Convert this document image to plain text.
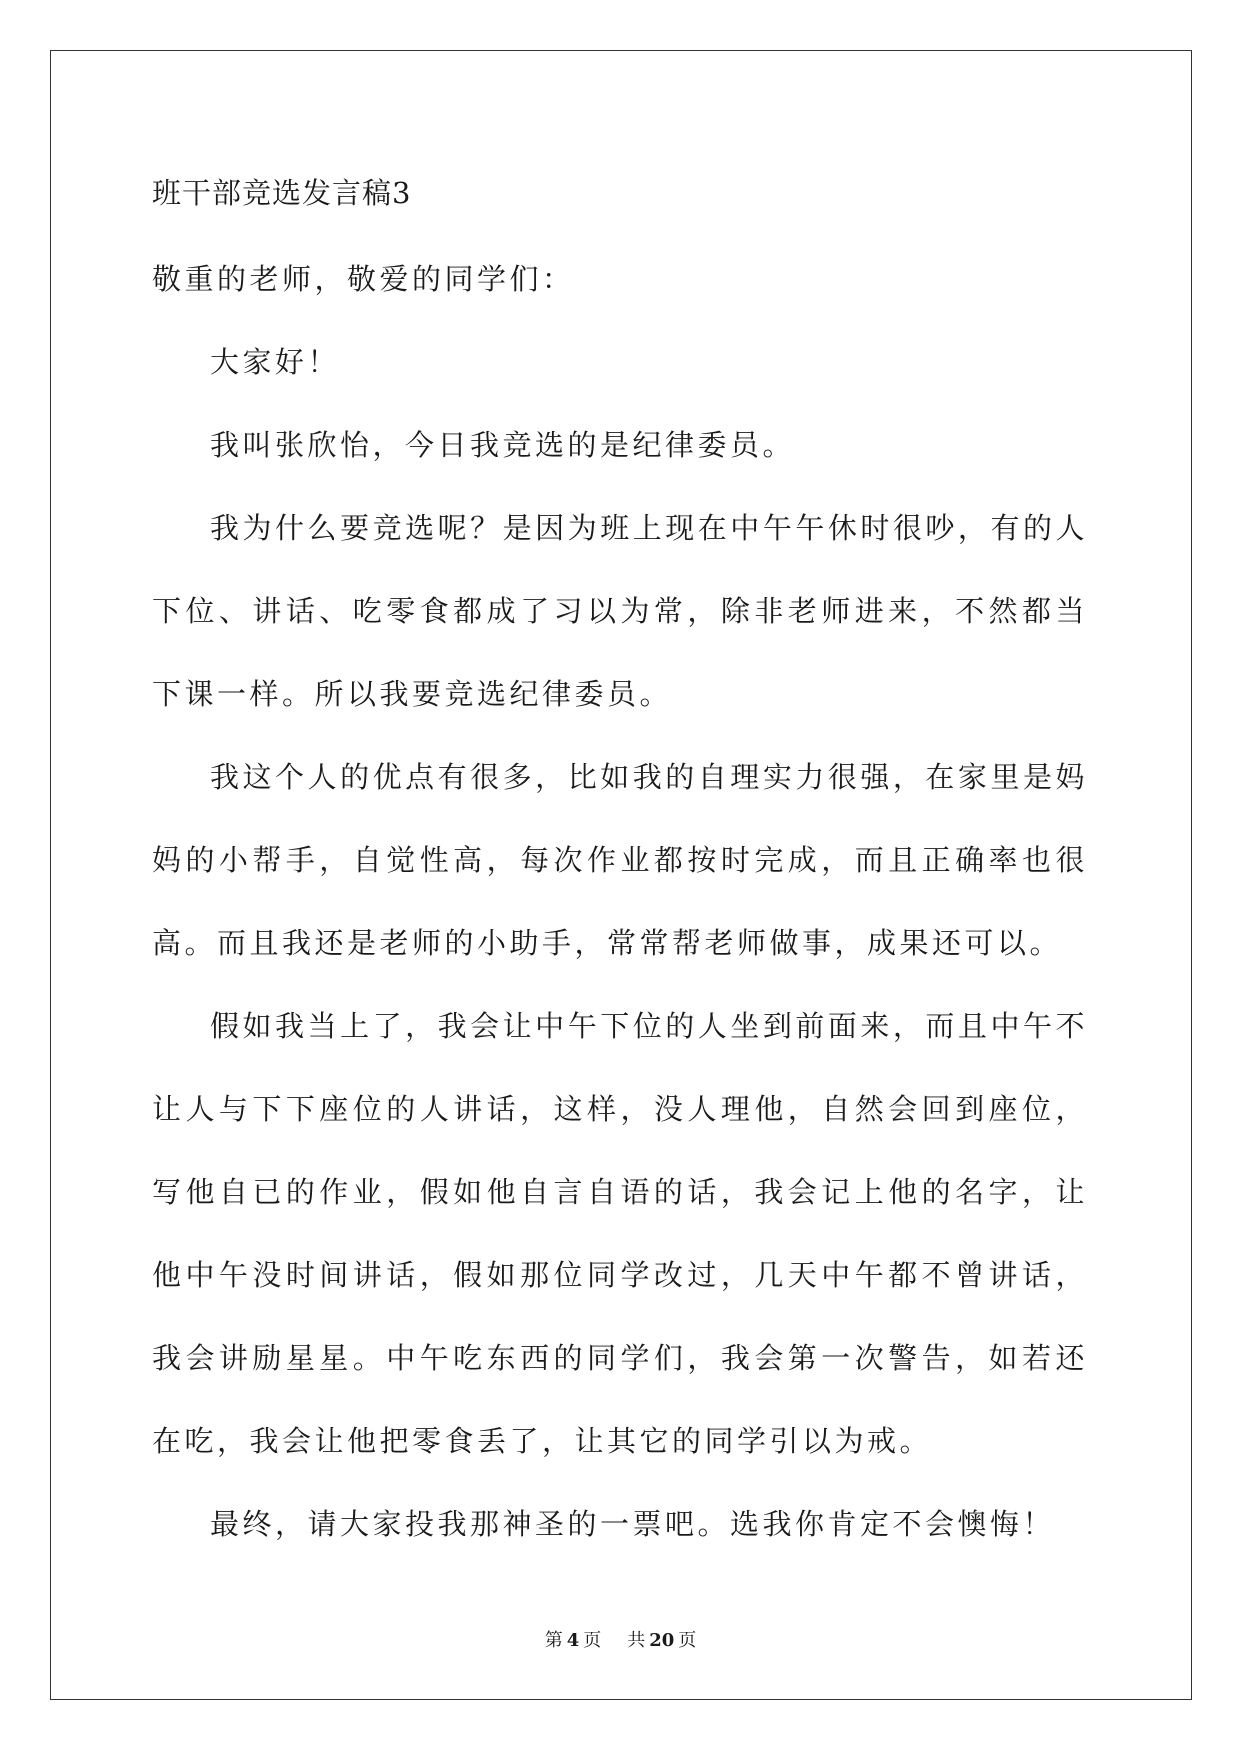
班干部竞选发言稿3

敬重的老师，敬爱的同学们：

大家好！

我叫张欣怡，今日我竞选的是纪律委员。

我为什么要竞选呢？是因为班上现在中午午休时很吵，有的人下位、讲话、吃零食都成了习以为常，除非老师进来，不然都当下课一样。所以我要竞选纪律委员。

我这个人的优点有很多，比如我的自理实力很强，在家里是妈妈的小帮手，自觉性高，每次作业都按时完成，而且正确率也很高。而且我还是老师的小助手，常常帮老师做事，成果还可以。

假如我当上了，我会让中午下位的人坐到前面来，而且中午不让人与下下座位的人讲话，这样，没人理他，自然会回到座位，写他自已的作业，假如他自言自语的话，我会记上他的名字，让他中午没时间讲话，假如那位同学改过，几天中午都不曾讲话，我会讲励星星。中午吃东西的同学们，我会第一次警告，如若还在吃，我会让他把零食丢了，让其它的同学引以为戒。

最终，请大家投我那神圣的一票吧。选我你肯定不会懊悔！

第 4 页 共 20 页
